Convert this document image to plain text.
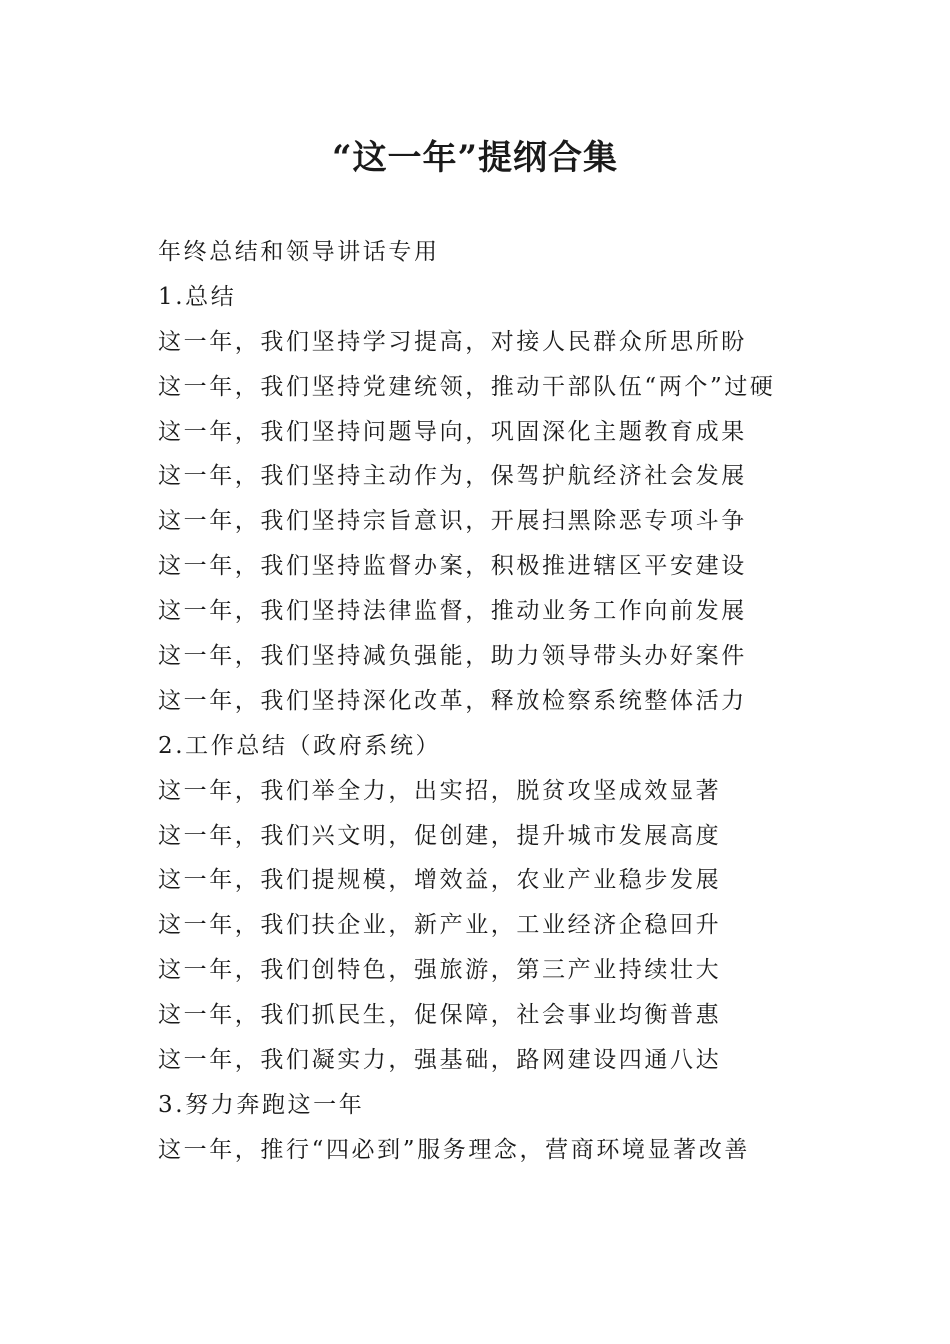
“这一年”提纲合集
年终总结和领导讲话专用
1.总结
这一年，我们坚持学习提高，对接人民群众所思所盼
这一年，我们坚持党建统领，推动干部队伍“两个”过硬
这一年，我们坚持问题导向，巩固深化主题教育成果
这一年，我们坚持主动作为，保驾护航经济社会发展
这一年，我们坚持宗旨意识，开展扫黑除恶专项斗争
这一年，我们坚持监督办案，积极推进辖区平安建设
这一年，我们坚持法律监督，推动业务工作向前发展
这一年，我们坚持减负强能，助力领导带头办好案件
这一年，我们坚持深化改革，释放检察系统整体活力
2.工作总结（政府系统）
这一年，我们举全力，出实招，脱贫攻坚成效显著
这一年，我们兴文明，促创建，提升城市发展高度
这一年，我们提规模，增效益，农业产业稳步发展
这一年，我们扶企业，新产业，工业经济企稳回升
这一年，我们创特色，强旅游，第三产业持续壮大
这一年，我们抓民生，促保障，社会事业均衡普惠
这一年，我们凝实力，强基础，路网建设四通八达
3.努力奔跑这一年
这一年，推行“四必到”服务理念，营商环境显著改善
